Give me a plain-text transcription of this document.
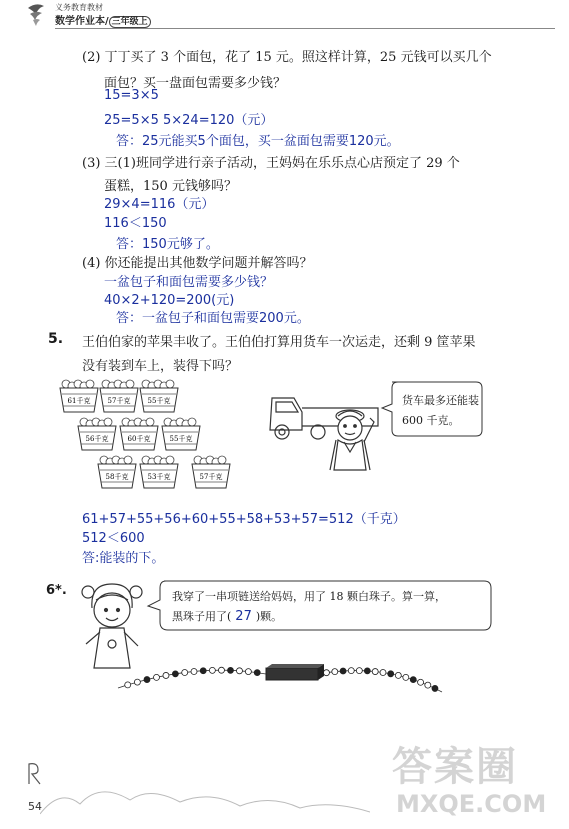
义务教育教材
数学作业本/ 三年级上
(2) 丁丁买了 3 个面包，花了 15 元。照这样计算，25 元钱可以买几个
面包？买一盘面包需要多少钱？
15=3×5
25=5×5 5×24=120（元）
答：25元能买5个面包，买一盆面包需要120元。
(3) 三(1)班同学进行亲子活动，王妈妈在乐乐点心店预定了 29 个
蛋糕，150 元钱够吗？
29×4=116（元）
116＜150
答：150元够了。
(4) 你还能提出其他数学问题并解答吗？
一盆包子和面包需要多少钱？
40×2+120=200(元)
答：一盆包子和面包需要200元。
5. 王伯伯家的苹果丰收了。王伯伯打算用货车一次运走，还剩 9 筐苹果
没有装到车上，装得下吗？
61千克 57千克 55千克
56千克	60千克	55千克
58千克	53千克	57千克
货车最多还能装
600 千克。
61+57+55+56+60+55+58+53+57=512（千克）
512＜600
答:能装的下。
6*.	我穿了一串项链送给妈妈，用了 18 颗白珠子。算一算，
黑珠子用了( 27 )颗。
54
答案圈
MXQE.COM
